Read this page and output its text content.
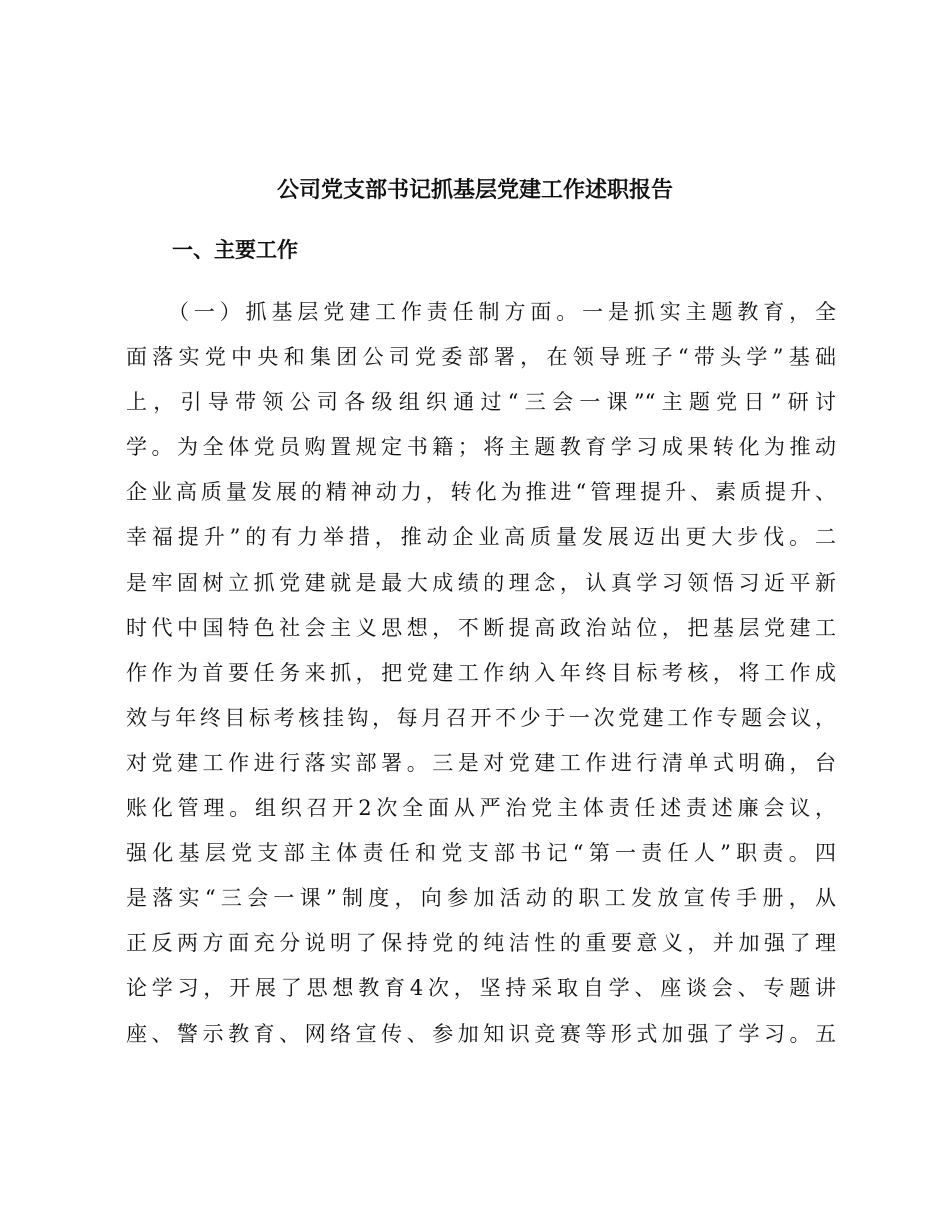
公司党支部书记抓基层党建工作述职报告
一、主要工作
（一）抓基层党建工作责任制方面。一是抓实主题教育，全
面落实党中央和集团公司党委部署，在领导班子“带头学”基础
上，引导带领公司各级组织通过“三会一课”“主题党日”研讨
学。为全体党员购置规定书籍；将主题教育学习成果转化为推动
企业高质量发展的精神动力，转化为推进“管理提升、素质提升、
幸福提升”的有力举措，推动企业高质量发展迈出更大步伐。二
是牢固树立抓党建就是最大成绩的理念，认真学习领悟习近平新
时代中国特色社会主义思想，不断提高政治站位，把基层党建工
作作为首要任务来抓，把党建工作纳入年终目标考核，将工作成
效与年终目标考核挂钩，每月召开不少于一次党建工作专题会议，
对党建工作进行落实部署。三是对党建工作进行清单式明确，台
账化管理。组织召开2次全面从严治党主体责任述责述廉会议，
强化基层党支部主体责任和党支部书记“第一责任人”职责。四
是落实“三会一课”制度，向参加活动的职工发放宣传手册，从
正反两方面充分说明了保持党的纯洁性的重要意义，并加强了理
论学习，开展了思想教育4次，坚持采取自学、座谈会、专题讲
座、警示教育、网络宣传、参加知识竞赛等形式加强了学习。五
